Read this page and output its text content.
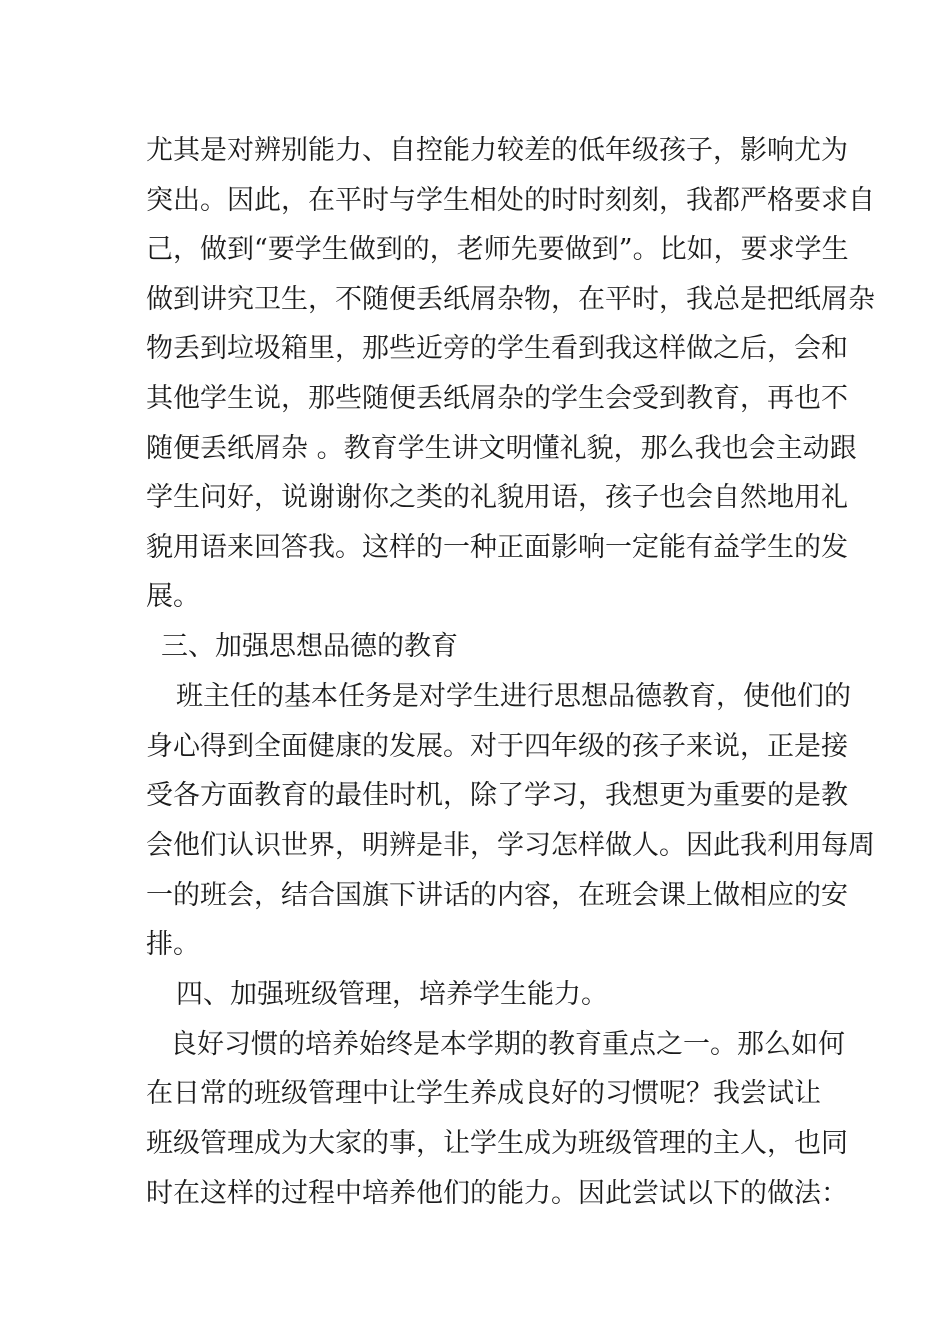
尤其是对辨别能力、自控能力较差的低年级孩子，影响尤为
突出。因此，在平时与学生相处的时时刻刻，我都严格要求自
己，做到“要学生做到的，老师先要做到”。比如，要求学生
做到讲究卫生，不随便丢纸屑杂物，在平时，我总是把纸屑杂
物丢到垃圾箱里，那些近旁的学生看到我这样做之后，会和
其他学生说，那些随便丢纸屑杂的学生会受到教育，再也不
随便丢纸屑杂 。教育学生讲文明懂礼貌，那么我也会主动跟
学生问好，说谢谢你之类的礼貌用语，孩子也会自然地用礼
貌用语来回答我。这样的一种正面影响一定能有益学生的发
展。
三、加强思想品德的教育
班主任的基本任务是对学生进行思想品德教育，使他们的
身心得到全面健康的发展。对于四年级的孩子来说，正是接
受各方面教育的最佳时机，除了学习，我想更为重要的是教
会他们认识世界，明辨是非，学习怎样做人。因此我利用每周
一的班会，结合国旗下讲话的内容，在班会课上做相应的安
排。
四、加强班级管理，培养学生能力。
良好习惯的培养始终是本学期的教育重点之一。那么如何
在日常的班级管理中让学生养成良好的习惯呢？我尝试让
班级管理成为大家的事，让学生成为班级管理的主人，也同
时在这样的过程中培养他们的能力。因此尝试以下的做法：
